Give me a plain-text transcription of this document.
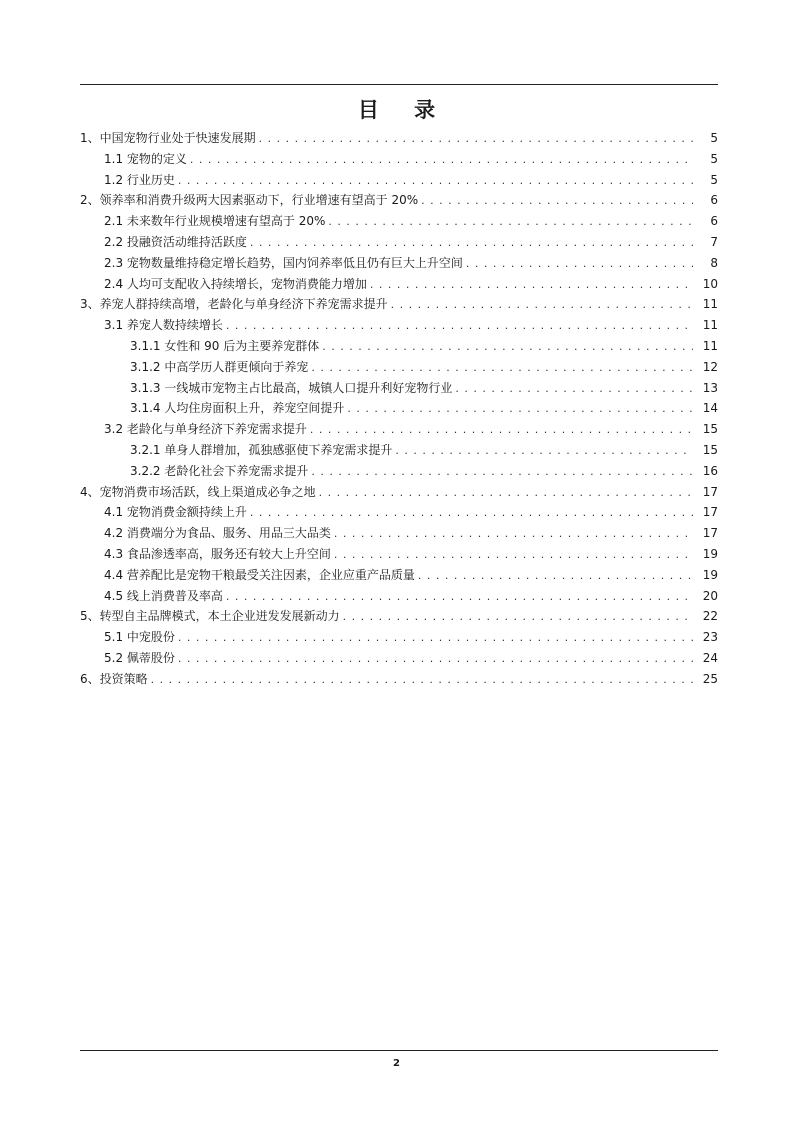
目 录
1、中国宠物行业处于快速发展期 . . .	5
1.1 宠物的定义 . . .	5
1.2 行业历史 . . .	5
2、领养率和消费升级两大因素驱动下，行业增速有望高于 20% . . .	6
2.1 未来数年行业规模增速有望高于 20% . . .	6
2.2 投融资活动维持活跃度 . . .	7
2.3 宠物数量维持稳定增长趋势，国内饲养率低且仍有巨大上升空间 . . .	8
2.4 人均可支配收入持续增长，宠物消费能力增加 . . .	10
3、养宠人群持续高增，老龄化与单身经济下养宠需求提升 . . .	11
3.1 养宠人数持续增长 . . .	11
3.1.1 女性和 90 后为主要养宠群体 . . .	11
3.1.2 中高学历人群更倾向于养宠 . . .	12
3.1.3 一线城市宠物主占比最高，城镇人口提升利好宠物行业 . . .	13
3.1.4 人均住房面积上升，养宠空间提升 . . .	14
3.2 老龄化与单身经济下养宠需求提升 . . .	15
3.2.1 单身人群增加，孤独感驱使下养宠需求提升 . . .	15
3.2.2 老龄化社会下养宠需求提升 . . .	16
4、宠物消费市场活跃，线上渠道成必争之地 . . .	17
4.1 宠物消费金额持续上升 . . .	17
4.2 消费端分为食品、服务、用品三大品类 . . .	17
4.3 食品渗透率高，服务还有较大上升空间 . . .	19
4.4 营养配比是宠物干粮最受关注因素，企业应重产品质量 . . .	19
4.5 线上消费普及率高 . . .	20
5、转型自主品牌模式，本土企业迸发发展新动力 . . .	22
5.1 中宠股份 . . .	23
5.2 佩蒂股份 . . .	24
6、投资策略 . . .	25
2
